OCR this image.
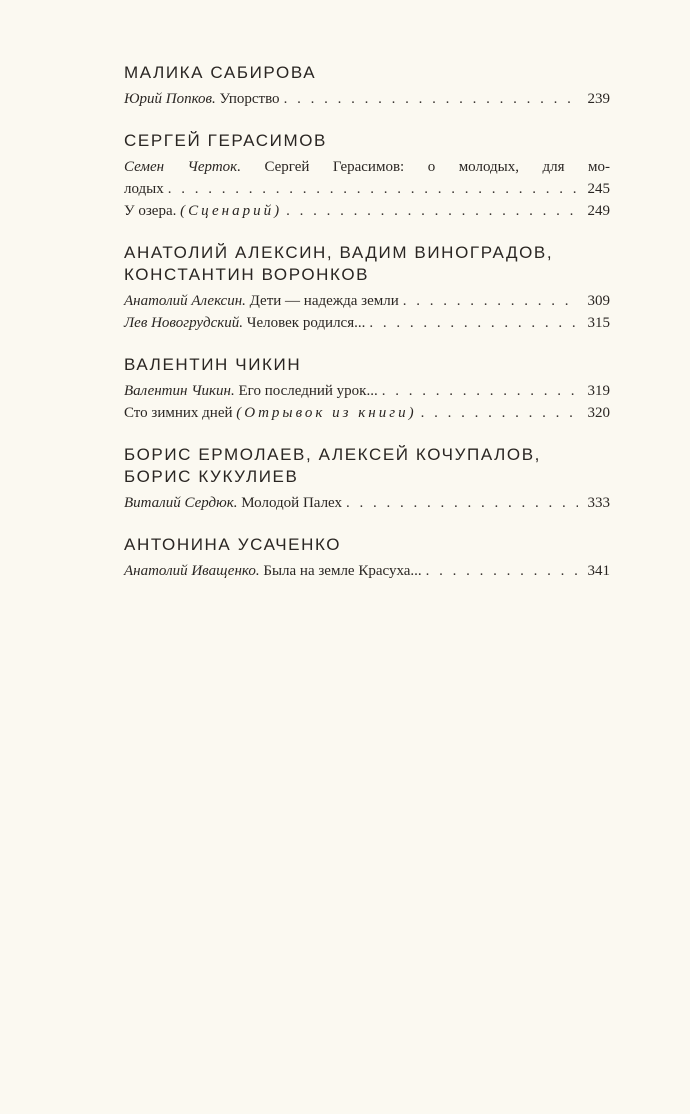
МАЛИКА САБИРОВА
Юрий Попков. Упорство . . .	239
СЕРГЕЙ ГЕРАСИМОВ
Семен Черток. Сергей Герасимов: о молодых, для мо-
лодых . . .	245
У озера. (Сценарий) . . .	249
АНАТОЛИЙ АЛЕКСИН, ВАДИМ ВИНОГРАДОВ, КОНСТАНТИН ВОРОНКОВ
Анатолий Алексин. Дети — надежда земли . . .	309
Лев Новогрудский. Человек родился... . . .	315
ВАЛЕНТИН ЧИКИН
Валентин Чикин. Его последний урок... . . .	319
Сто зимних дней (Отрывок из книги) . . .	320
БОРИС ЕРМОЛАЕВ, АЛЕКСЕЙ КОЧУПАЛОВ, БОРИС КУКУЛИЕВ
Виталий Сердюк. Молодой Палех . . .	333
АНТОНИНА УСАЧЕНКО
Анатолий Иващенко. Была на земле Красуха... . . .	341
